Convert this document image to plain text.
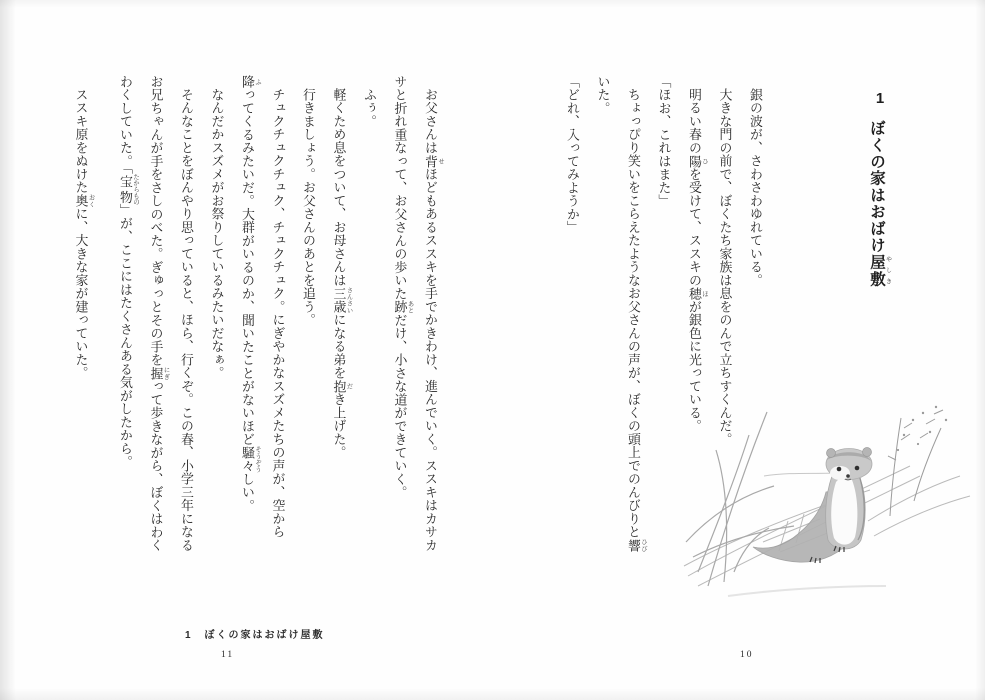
1
ぼくの家はおばけ屋敷 やしき
銀の波が、さわさわゆれている。
大きな門の前で、ぼくたち家族は息をのんで立ちすくんだ。
明るい春の陽 ひを受けて、ススキの穂 ほが銀色に光っている。
「ほお、これはまた」
ちょっぴり笑いをこらえたようなお父さんの声が、ぼくの頭上でのんびりと響 ひび
いた。
「どれ、入ってみようか」
お父さんは背 せほどもあるススキを手でかきわけ、進んでいく。ススキはカサカ
サと折れ重なって、お父さんの歩いた跡 あとだけ、小さな道ができていく。
ふぅ。
軽くため息をついて、お母さんは三歳 さんさいになる弟を抱 だき上げた。
行きましょう。お父さんのあとを追う。
チュクチュクチュク、チュクチュク。にぎやかなスズメたちの声が、空から
降 ふってくるみたいだ。大群がいるのか、聞いたことがないほど騒々 そうぞうしい。
なんだかスズメがお祭りしているみたいだなぁ。
そんなことをぼんやり思っていると、ほら、行くぞ。この春、小学三年になる
お兄ちゃんが手をさしのべた。ぎゅっとその手を握 にぎって歩きながら、ぼくはわく
わくしていた。「宝物 たからもの」が、ここにはたくさんある気がしたから。
ススキ原をぬけた奥 おくに、大きな家が建っていた。
1　ぼくの家はおばけ屋敷
11	10
